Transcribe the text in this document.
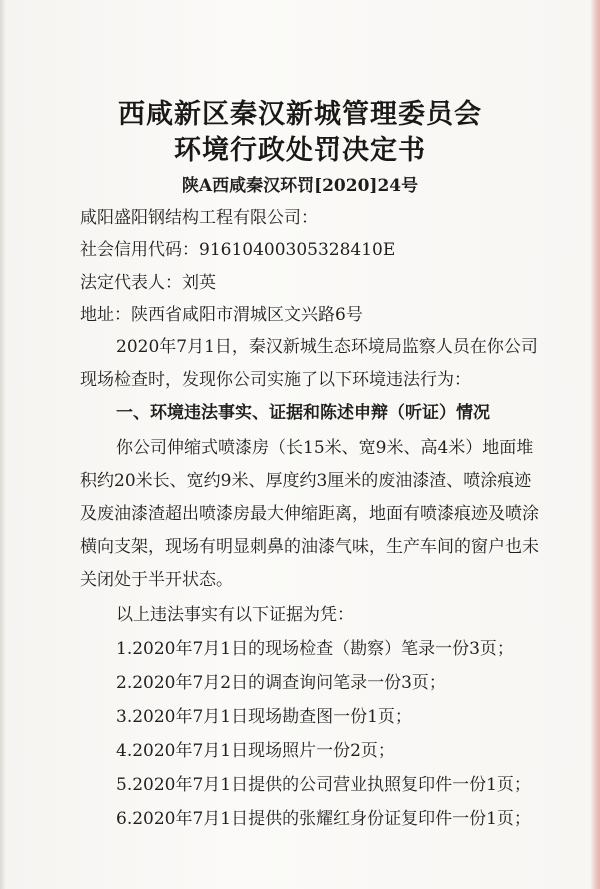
西咸新区秦汉新城管理委员会
环境行政处罚决定书
陕A西咸秦汉环罚[2020]24号
咸阳盛阳钢结构工程有限公司：
社会信用代码：91610400305328410E
法定代表人：刘英
地址：陕西省咸阳市渭城区文兴路6号
2020年7月1日，秦汉新城生态环境局监察人员在你公司
现场检查时，发现你公司实施了以下环境违法行为：
一、环境违法事实、证据和陈述申辩（听证）情况
你公司伸缩式喷漆房（长15米、宽9米、高4米）地面堆
积约20米长、宽约9米、厚度约3厘米的废油漆渣、喷涂痕迹
及废油漆渣超出喷漆房最大伸缩距离，地面有喷漆痕迹及喷涂
横向支架，现场有明显刺鼻的油漆气味，生产车间的窗户也未
关闭处于半开状态。
以上违法事实有以下证据为凭：
1.2020年7月1日的现场检查（勘察）笔录一份3页；
2.2020年7月2日的调查询问笔录一份3页；
3.2020年7月1日现场勘查图一份1页；
4.2020年7月1日现场照片一份2页；
5.2020年7月1日提供的公司营业执照复印件一份1页；
6.2020年7月1日提供的张耀红身份证复印件一份1页；
